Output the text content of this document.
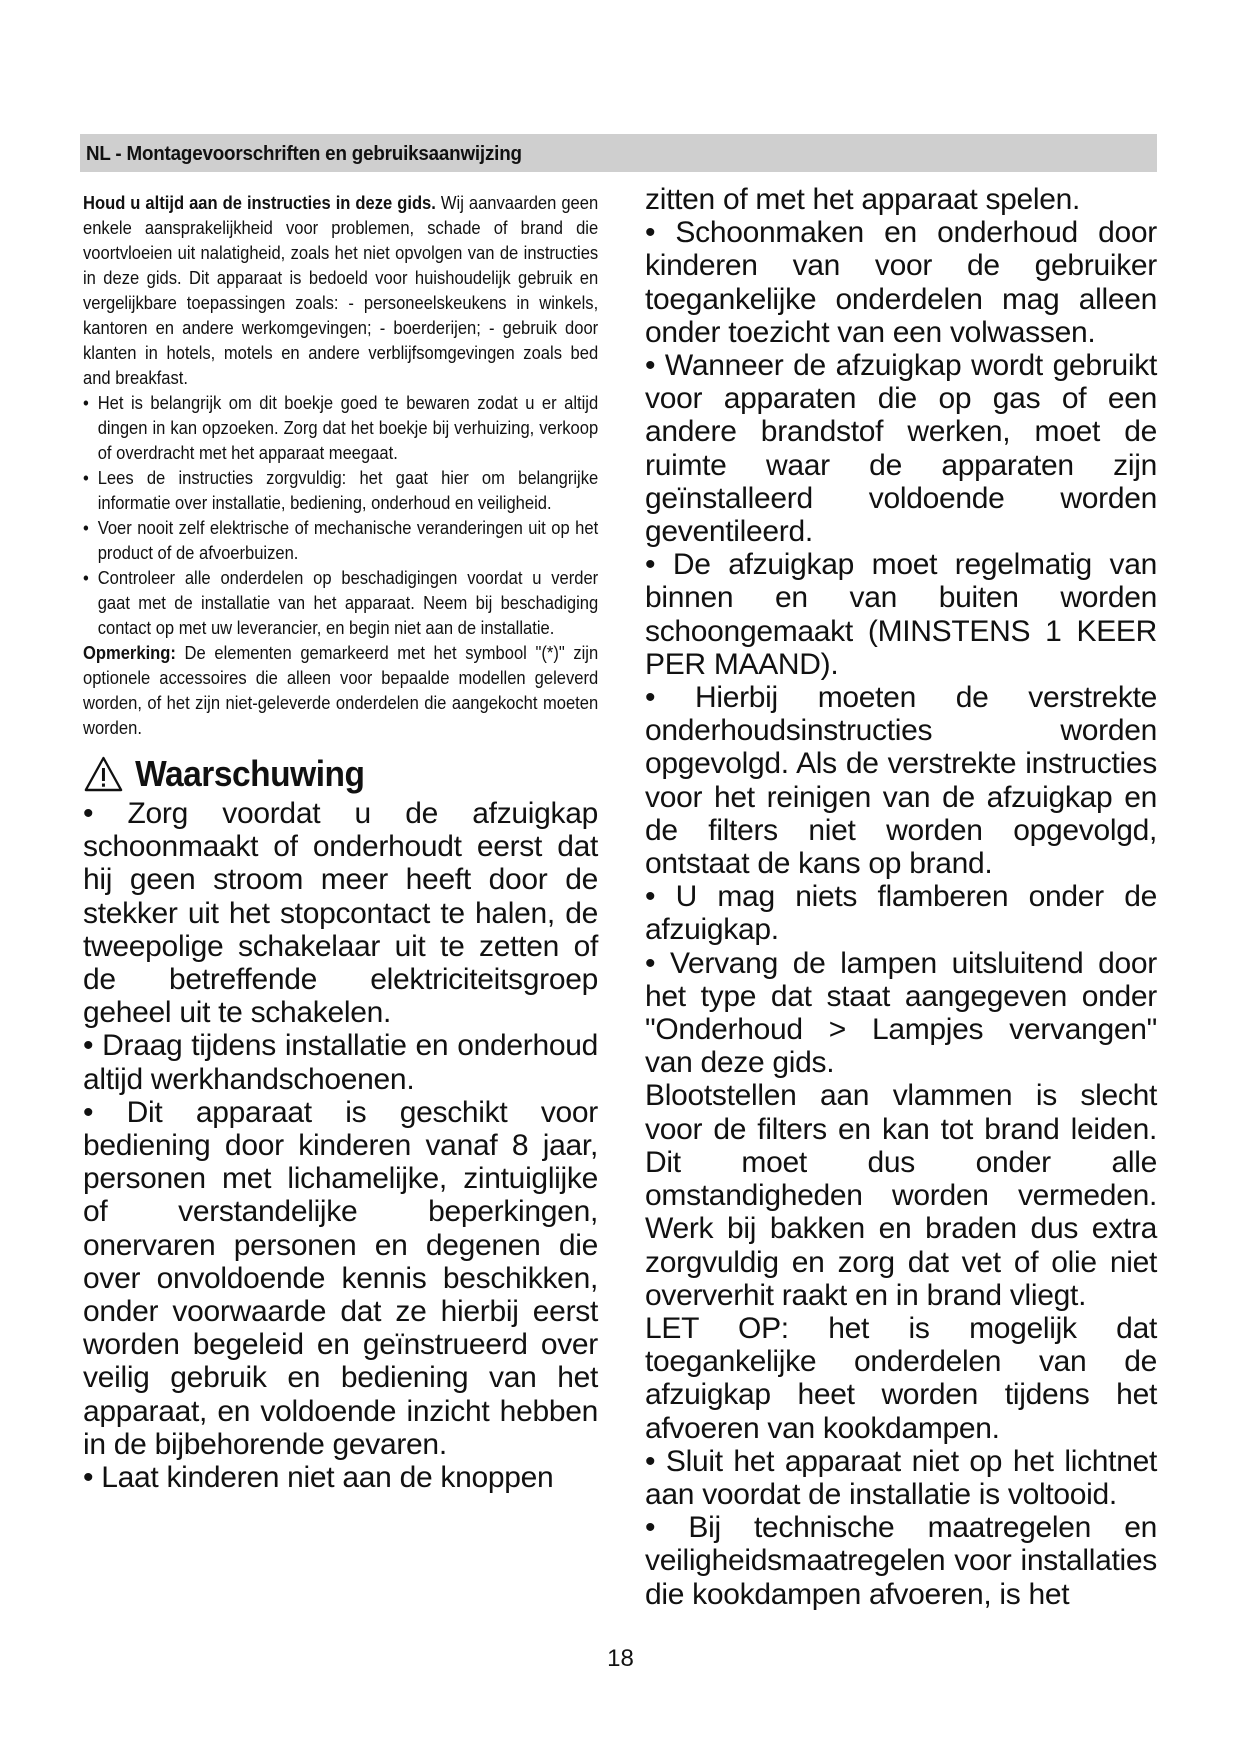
NL - Montagevoorschriften en gebruiksaanwijzing

Houd u altijd aan de instructies in deze gids. Wij aanvaarden geen enkele aansprakelijkheid voor problemen, schade of brand die voortvloeien uit nalatigheid, zoals het niet opvolgen van de instructies in deze gids. Dit apparaat is bedoeld voor huishoudelijk gebruik en vergelijkbare toepassingen zoals: - personeelskeukens in winkels, kantoren en andere werkomgevingen; - boerderijen; - gebruik door klanten in hotels, motels en andere verblijfsomgevingen zoals bed and breakfast.

• Het is belangrijk om dit boekje goed te bewaren zodat u er altijd dingen in kan opzoeken. Zorg dat het boekje bij verhuizing, verkoop of overdracht met het apparaat meegaat.
• Lees de instructies zorgvuldig: het gaat hier om belangrijke informatie over installatie, bediening, onderhoud en veiligheid.
• Voer nooit zelf elektrische of mechanische veranderingen uit op het product of de afvoerbuizen.
• Controleer alle onderdelen op beschadigingen voordat u verder gaat met de installatie van het apparaat. Neem bij beschadiging contact op met uw leverancier, en begin niet aan de installatie.

Opmerking: De elementen gemarkeerd met het symbool "(*)" zijn optionele accessoires die alleen voor bepaalde modellen geleverd worden, of het zijn niet-geleverde onderdelen die aangekocht moeten worden.

Waarschuwing

• Zorg voordat u de afzuigkap schoonmaakt of onderhoudt eerst dat hij geen stroom meer heeft door de stekker uit het stopcontact te halen, de tweepolige schakelaar uit te zetten of de betreffende elektriciteitsgroep geheel uit te schakelen.

• Draag tijdens installatie en onderhoud altijd werkhandschoenen.

• Dit apparaat is geschikt voor bediening door kinderen vanaf 8 jaar, personen met lichamelijke, zintuiglijke of verstandelijke beperkingen, onervaren personen en degenen die over onvoldoende kennis beschikken, onder voorwaarde dat ze hierbij eerst worden begeleid en geïnstrueerd over veilig gebruik en bediening van het apparaat, en voldoende inzicht hebben in de bijbehorende gevaren.

• Laat kinderen niet aan de knoppen

zitten of met het apparaat spelen.

• Schoonmaken en onderhoud door kinderen van voor de gebruiker toegankelijke onderdelen mag alleen onder toezicht van een volwassen.

• Wanneer de afzuigkap wordt gebruikt voor apparaten die op gas of een andere brandstof werken, moet de ruimte waar de apparaten zijn geïnstalleerd voldoende worden geventileerd.

• De afzuigkap moet regelmatig van binnen en van buiten worden schoongemaakt (MINSTENS 1 KEER PER MAAND).

• Hierbij moeten de verstrekte onderhoudsinstructies worden opgevolgd. Als de verstrekte instructies voor het reinigen van de afzuigkap en de filters niet worden opgevolgd, ontstaat de kans op brand.

• U mag niets flamberen onder de afzuigkap.

• Vervang de lampen uitsluitend door het type dat staat aangegeven onder "Onderhoud > Lampjes vervangen" van deze gids.

Blootstellen aan vlammen is slecht voor de filters en kan tot brand leiden. Dit moet dus onder alle omstandigheden worden vermeden. Werk bij bakken en braden dus extra zorgvuldig en zorg dat vet of olie niet oververhit raakt en in brand vliegt.

LET OP: het is mogelijk dat toegankelijke onderdelen van de afzuigkap heet worden tijdens het afvoeren van kookdampen.

• Sluit het apparaat niet op het lichtnet aan voordat de installatie is voltooid.

• Bij technische maatregelen en veiligheidsmaatregelen voor installaties die kookdampen afvoeren, is het

18
